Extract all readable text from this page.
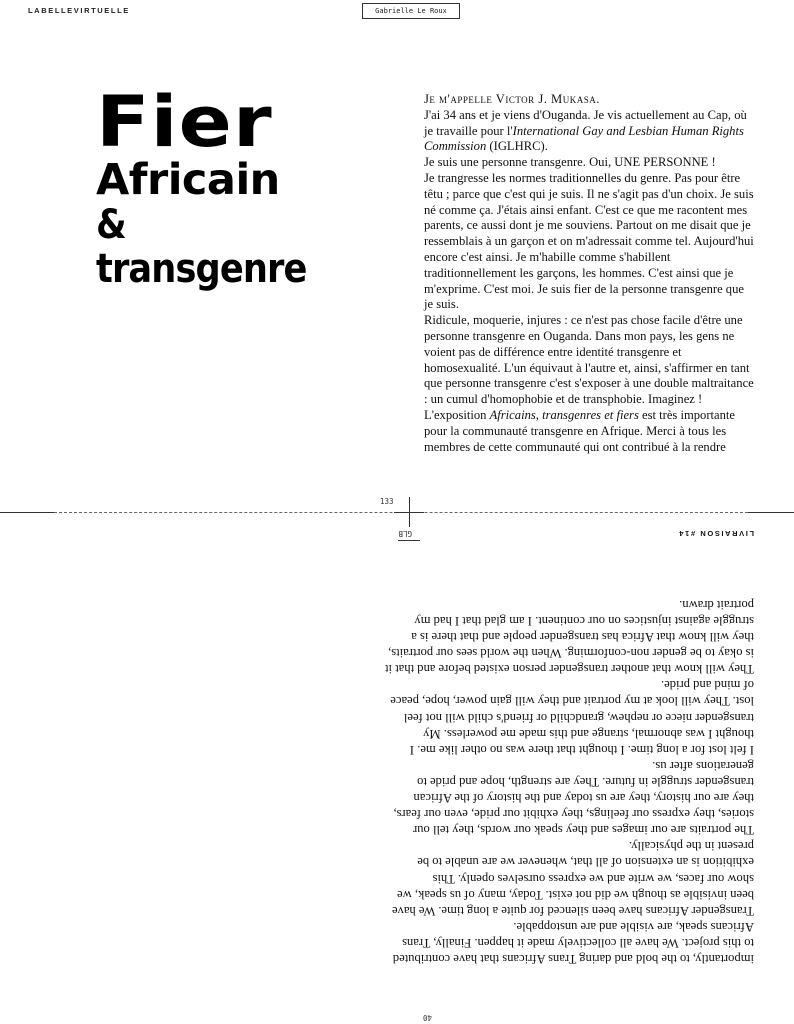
LABELLEVIRTUELLE	Gabrielle Le Roux
Fier
Africain
& transgenre

Je m'appelle Victor J. Mukasa.

J'ai 34 ans et je viens d'Ouganda. Je vis actuellement au Cap, où je travaille pour l'International Gay and Lesbian Human Rights Commission (IGLHRC).

Je suis une personne transgenre. Oui, UNE PERSONNE !

Je trangresse les normes traditionnelles du genre. Pas pour être têtu ; parce que c'est qui je suis. Il ne s'agit pas d'un choix. Je suis né comme ça. J'étais ainsi enfant. C'est ce que me racontent mes parents, ce aussi dont je me souviens. Partout on me disait que je ressemblais à un garçon et on m'adressait comme tel. Aujourd'hui encore c'est ainsi. Je m'habille comme s'habillent traditionnellement les garçons, les hommes. C'est ainsi que je m'exprime. C'est moi. Je suis fier de la personne transgenre que je suis.

Ridicule, moquerie, injures : ce n'est pas chose facile d'être une personne transgenre en Ouganda. Dans mon pays, les gens ne voient pas de différence entre identité transgenre et homosexualité. L'un équivaut à l'autre et, ainsi, s'affirmer en tant que personne transgenre c'est s'exposer à une double maltraitance : un cumul d'homophobie et de transphobie. Imaginez !

L'exposition Africains, transgenres et fiers est très importante pour la communauté transgenre en Afrique. Merci à tous les membres de cette communauté qui ont contribué à la rendre

133
40

importantly, to the bold and daring Trans Africans that have contributed to this project. We have all collectively made it happen. Finally, Trans Africans speak, are visible and are unstoppable.

Transgender Africans have been silenced for quite a long time. We have been invisible as though we did not exist. Today, many of us speak, we show our faces, we write and we express ourselves openly. This exhibition is an extension of all that, whenever we are unable to be present in the physically.

The portraits are our images and they speak our words, they tell our stories, they express our feelings, they exhibit our pride, even our fears, they are our history, they are us today and the history of the African transgender struggle in future. They are strength, hope and pride to generations after us.

I felt lost for a long time. I thought that there was no other like me. I thought I was abnormal, strange and this made me powerless. My transgender niece or nephew, grandchild or friend's child will not feel lost. They will look at my portrait and they will gain power, hope, peace of mind and pride.

They will know that another transgender person existed before and that it is okay to be gender non-conforming. When the world sees our portraits, they will know that Africa has transgender people and that there is a struggle against injustices on our continent. I am glad that I had my portrait drawn.

LIVRAISON #14
GLB
